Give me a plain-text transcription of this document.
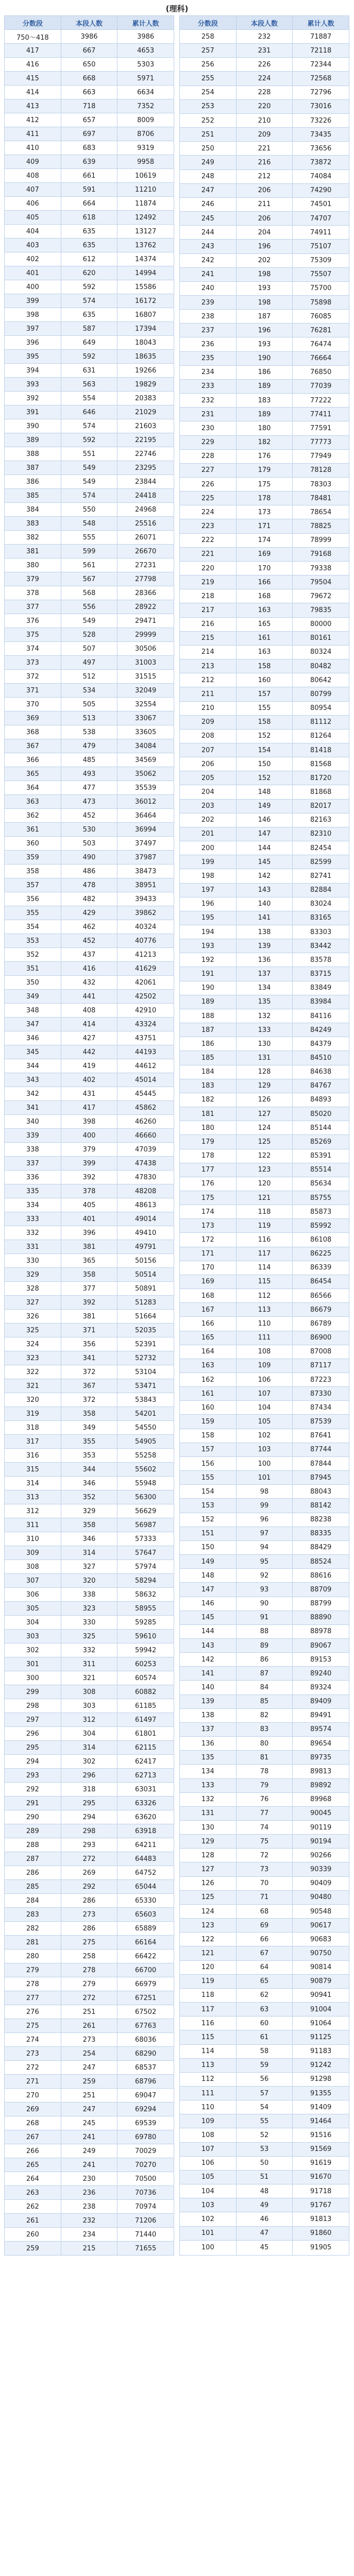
(理科)
分数段	本段人数	累计人数
750～418	3986	3986
417	667	4653
416	650	5303
415	668	5971
414	663	6634
413	718	7352
412	657	8009
411	697	8706
410	683	9319
409	639	9958
408	661	10619
407	591	11210
406	664	11874
405	618	12492
404	635	13127
403	635	13762
402	612	14374
401	620	14994
400	592	15586
399	574	16172
398	635	16807
397	587	17394
396	649	18043
395	592	18635
394	631	19266
393	563	19829
392	554	20383
391	646	21029
390	574	21603
389	592	22195
388	551	22746
387	549	23295
386	549	23844
385	574	24418
384	550	24968
383	548	25516
382	555	26071
381	599	26670
380	561	27231
379	567	27798
378	568	28366
377	556	28922
376	549	29471
375	528	29999
374	507	30506
373	497	31003
372	512	31515
371	534	32049
370	505	32554
369	513	33067
368	538	33605
367	479	34084
366	485	34569
365	493	35062
364	477	35539
363	473	36012
362	452	36464
361	530	36994
360	503	37497
359	490	37987
358	486	38473
357	478	38951
356	482	39433
355	429	39862
354	462	40324
353	452	40776
352	437	41213
351	416	41629
350	432	42061
349	441	42502
348	408	42910
347	414	43324
346	427	43751
345	442	44193
344	419	44612
343	402	45014
342	431	45445
341	417	45862
340	398	46260
339	400	46660
338	379	47039
337	399	47438
336	392	47830
335	378	48208
334	405	48613
333	401	49014
332	396	49410
331	381	49791
330	365	50156
329	358	50514
328	377	50891
327	392	51283
326	381	51664
325	371	52035
324	356	52391
323	341	52732
322	372	53104
321	367	53471
320	372	53843
319	358	54201
318	349	54550
317	355	54905
316	353	55258
315	344	55602
314	346	55948
313	352	56300
312	329	56629
311	358	56987
310	346	57333
309	314	57647
308	327	57974
307	320	58294
306	338	58632
305	323	58955
304	330	59285
303	325	59610
302	332	59942
301	311	60253
300	321	60574
299	308	60882
298	303	61185
297	312	61497
296	304	61801
295	314	62115
294	302	62417
293	296	62713
292	318	63031
291	295	63326
290	294	63620
289	298	63918
288	293	64211
287	272	64483
286	269	64752
285	292	65044
284	286	65330
283	273	65603
282	286	65889
281	275	66164
280	258	66422
279	278	66700
278	279	66979
277	272	67251
276	251	67502
275	261	67763
274	273	68036
273	254	68290
272	247	68537
271	259	68796
270	251	69047
269	247	69294
268	245	69539
267	241	69780
266	249	70029
265	241	70270
264	230	70500
263	236	70736
262	238	70974
261	232	71206
260	234	71440
259	215	71655
分数段	本段人数	累计人数
258	232	71887
257	231	72118
256	226	72344
255	224	72568
254	228	72796
253	220	73016
252	210	73226
251	209	73435
250	221	73656
249	216	73872
248	212	74084
247	206	74290
246	211	74501
245	206	74707
244	204	74911
243	196	75107
242	202	75309
241	198	75507
240	193	75700
239	198	75898
238	187	76085
237	196	76281
236	193	76474
235	190	76664
234	186	76850
233	189	77039
232	183	77222
231	189	77411
230	180	77591
229	182	77773
228	176	77949
227	179	78128
226	175	78303
225	178	78481
224	173	78654
223	171	78825
222	174	78999
221	169	79168
220	170	79338
219	166	79504
218	168	79672
217	163	79835
216	165	80000
215	161	80161
214	163	80324
213	158	80482
212	160	80642
211	157	80799
210	155	80954
209	158	81112
208	152	81264
207	154	81418
206	150	81568
205	152	81720
204	148	81868
203	149	82017
202	146	82163
201	147	82310
200	144	82454
199	145	82599
198	142	82741
197	143	82884
196	140	83024
195	141	83165
194	138	83303
193	139	83442
192	136	83578
191	137	83715
190	134	83849
189	135	83984
188	132	84116
187	133	84249
186	130	84379
185	131	84510
184	128	84638
183	129	84767
182	126	84893
181	127	85020
180	124	85144
179	125	85269
178	122	85391
177	123	85514
176	120	85634
175	121	85755
174	118	85873
173	119	85992
172	116	86108
171	117	86225
170	114	86339
169	115	86454
168	112	86566
167	113	86679
166	110	86789
165	111	86900
164	108	87008
163	109	87117
162	106	87223
161	107	87330
160	104	87434
159	105	87539
158	102	87641
157	103	87744
156	100	87844
155	101	87945
154	98	88043
153	99	88142
152	96	88238
151	97	88335
150	94	88429
149	95	88524
148	92	88616
147	93	88709
146	90	88799
145	91	88890
144	88	88978
143	89	89067
142	86	89153
141	87	89240
140	84	89324
139	85	89409
138	82	89491
137	83	89574
136	80	89654
135	81	89735
134	78	89813
133	79	89892
132	76	89968
131	77	90045
130	74	90119
129	75	90194
128	72	90266
127	73	90339
126	70	90409
125	71	90480
124	68	90548
123	69	90617
122	66	90683
121	67	90750
120	64	90814
119	65	90879
118	62	90941
117	63	91004
116	60	91064
115	61	91125
114	58	91183
113	59	91242
112	56	91298
111	57	91355
110	54	91409
109	55	91464
108	52	91516
107	53	91569
106	50	91619
105	51	91670
104	48	91718
103	49	91767
102	46	91813
101	47	91860
100	45	91905
